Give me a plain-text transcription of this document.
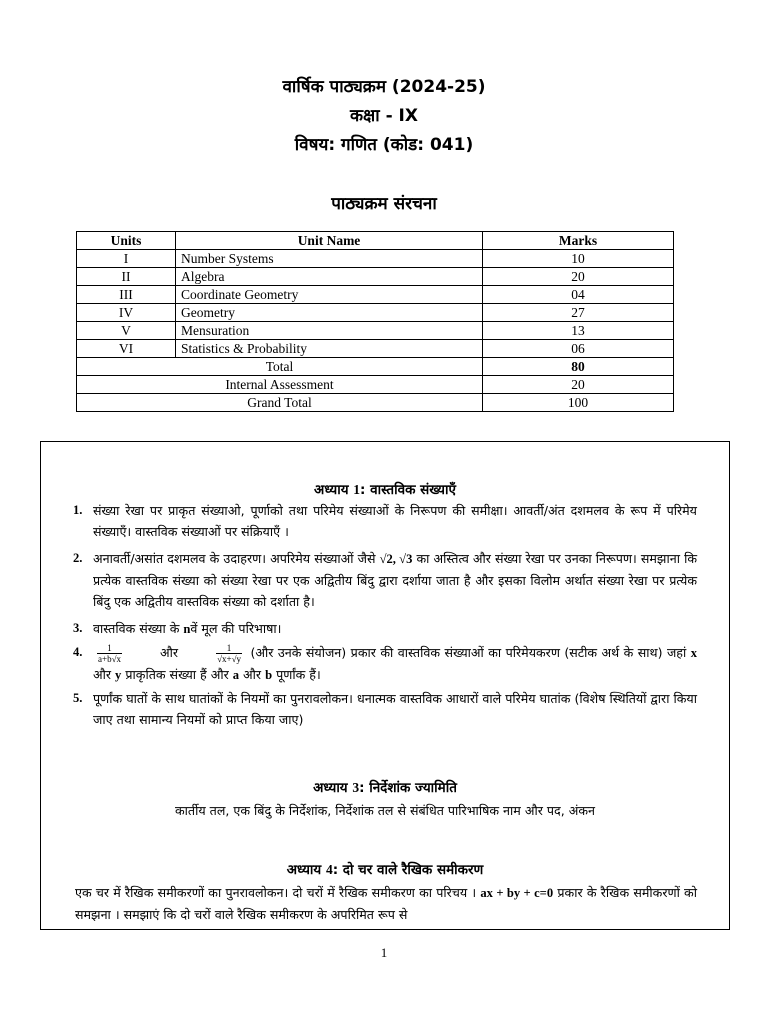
वार्षिक पाठ्यक्रम (2024-25)
कक्षा - IX
विषय: गणित (कोड: 041)
पाठ्यक्रम संरचना
Units	Unit Name	Marks
I	Number Systems	10
II	Algebra	20
III	Coordinate Geometry	04
IV	Geometry	27
V	Mensuration	13
VI	Statistics & Probability	06
Total		80
Internal Assessment		20
Grand Total		100
अध्याय 1: वास्तविक संख्याएँ
1. संख्या रेखा पर प्राकृत संख्याओ, पूर्णाको तथा परिमेय संख्याओं के निरूपण की समीक्षा। आवर्ती/अंत दशमलव के रूप में परिमेय संख्याएँ। वास्तविक संख्याओं पर संक्रियाएँ ।
2. अनावर्ती/असांत दशमलव के उदाहरण। अपरिमेय संख्याओं जैसे √2, √3 का अस्तित्व और संख्या रेखा पर उनका निरूपण। समझाना कि प्रत्येक वास्तविक संख्या को संख्या रेखा पर एक अद्वितीय बिंदु द्वारा दर्शाया जाता है और इसका विलोम अर्थात संख्या रेखा पर प्रत्येक बिंदु एक अद्वितीय वास्तविक संख्या को दर्शाता है।
3. वास्तविक संख्या के nवें मूल की परिभाषा।
4. $\frac{1}{a+b√x}$	और	$\frac{1}{√x+√y}$ (और उनके संयोजन) प्रकार की वास्तविक संख्याओं का परिमेयकरण (सटीक अर्थ के साथ) जहां x और y प्राकृतिक संख्या हैं और a और b पूर्णांक हैं।
5. पूर्णांक घातों के साथ घातांकों के नियमों का पुनरावलोकन। धनात्मक वास्तविक आधारों वाले परिमेय घातांक (विशेष स्थितियों द्वारा किया जाए तथा सामान्य नियमों को प्राप्त किया जाए)
अध्याय 3: निर्देशांक ज्यामिति
कार्तीय तल, एक बिंदु के निर्देशांक, निर्देशांक तल से संबंधित पारिभाषिक नाम और पद, अंकन
अध्याय 4: दो चर वाले रैखिक समीकरण
एक चर में रैखिक समीकरणों का पुनरावलोकन। दो चरों में रैखिक समीकरण का परिचय । ax + by + c=0 प्रकार के रैखिक समीकरणों को समझना । समझाएं कि दो चरों वाले रैखिक समीकरण के अपरिमित रूप से
1
